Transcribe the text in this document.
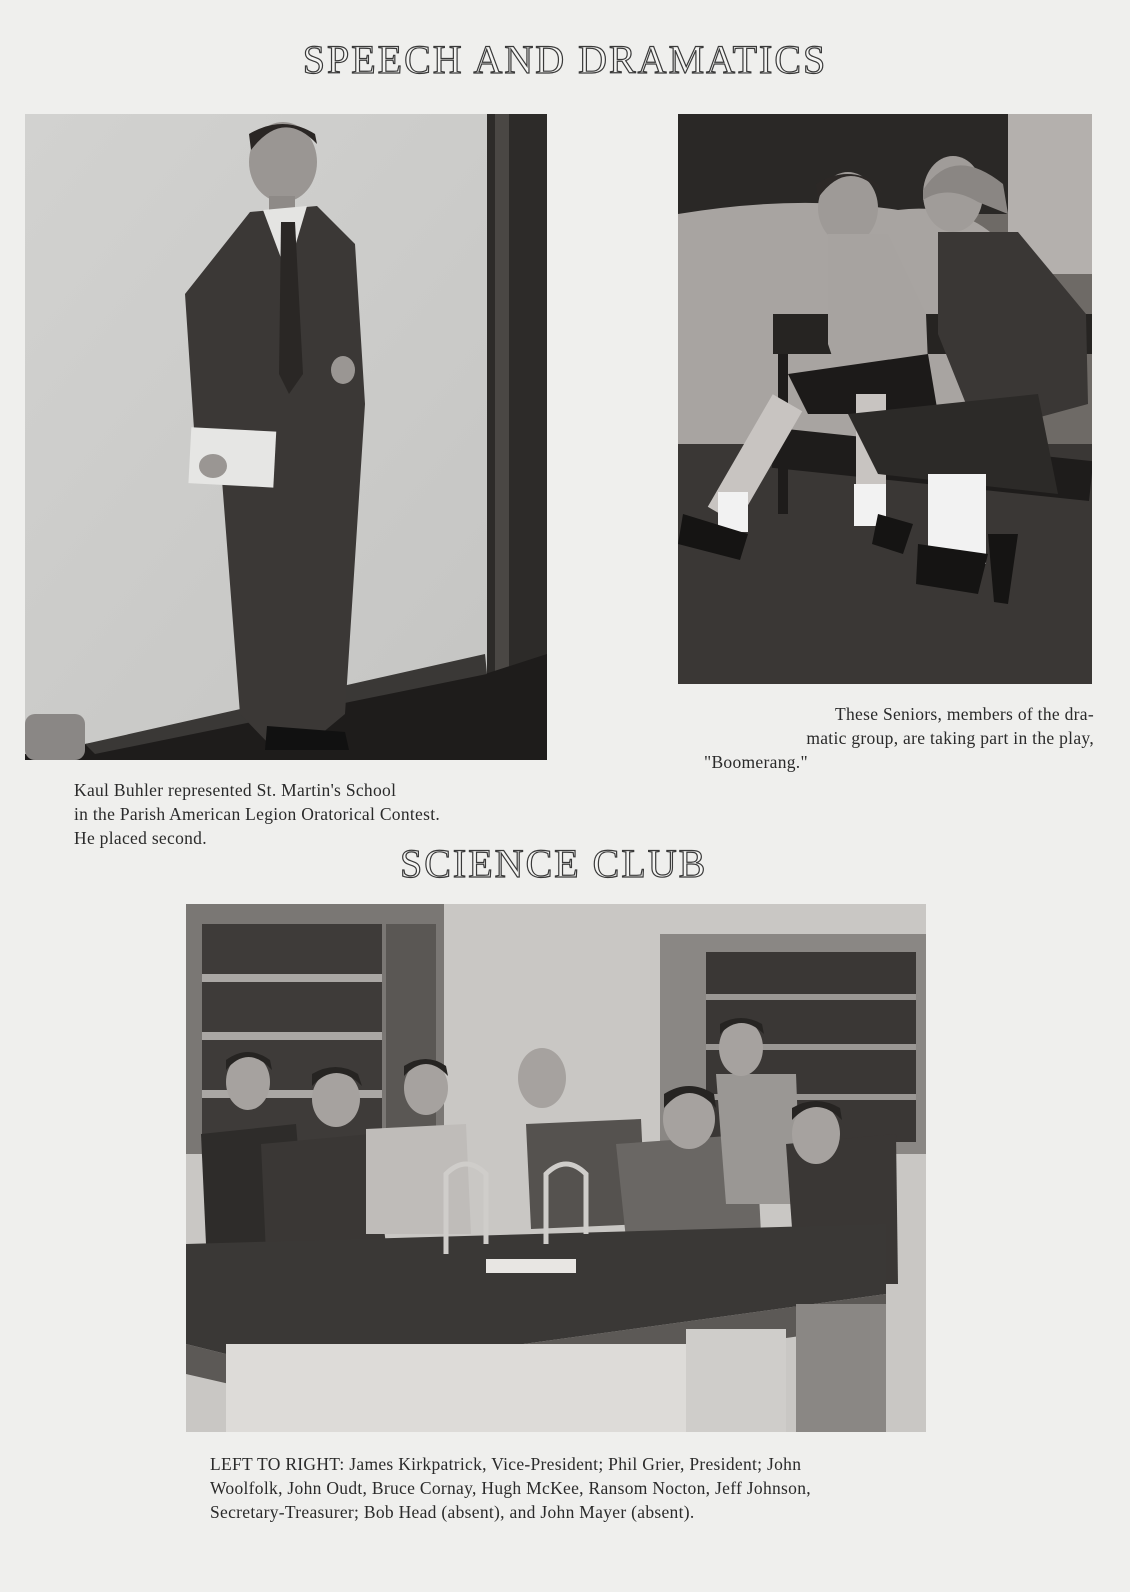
SPEECH AND DRAMATICS

Kaul Buhler represented St. Martin's School
in the Parish American Legion Oratorical Contest.
He placed second.

These Seniors, members of the dra-
matic group, are taking part in the play,

"Boomerang."

SCIENCE CLUB

LEFT TO RIGHT: James Kirkpatrick, Vice-President; Phil Grier, President; John
Woolfolk, John Oudt, Bruce Cornay, Hugh McKee, Ransom Nocton, Jeff Johnson,
Secretary-Treasurer; Bob Head (absent), and John Mayer (absent).
